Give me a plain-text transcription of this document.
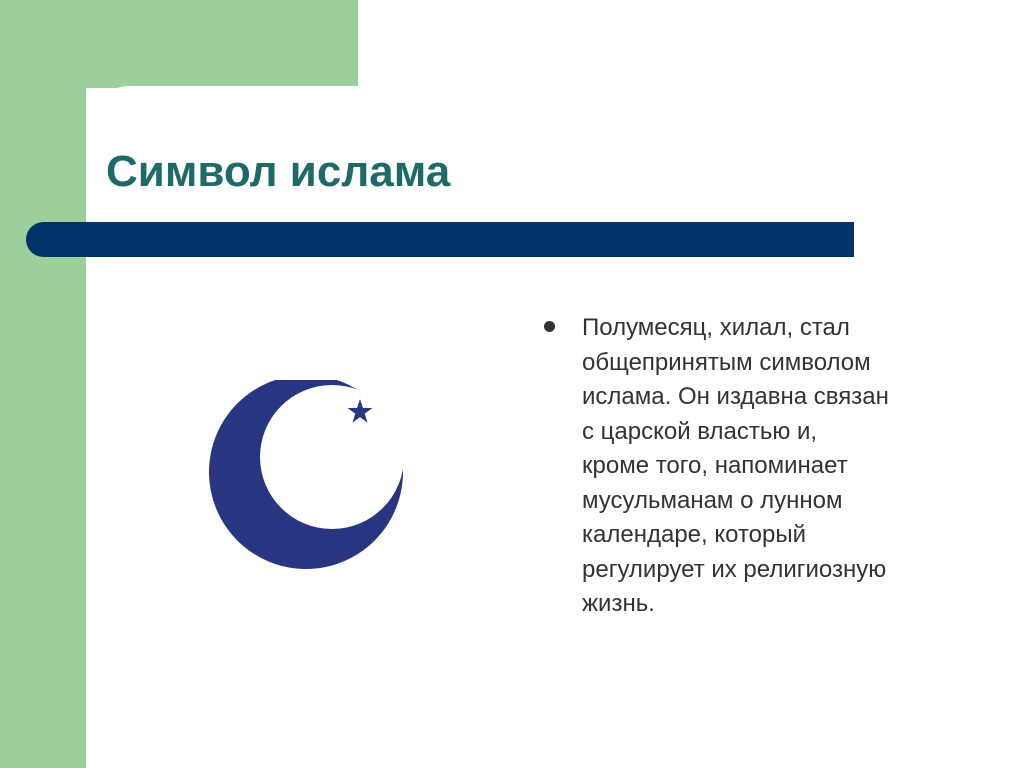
Символ ислама
Полумесяц, хилал, стал
общепринятым символом
ислама. Он издавна связан
с царской властью и,
кроме того, напоминает
мусульманам о лунном
календаре, который
регулирует их религиозную
жизнь.
